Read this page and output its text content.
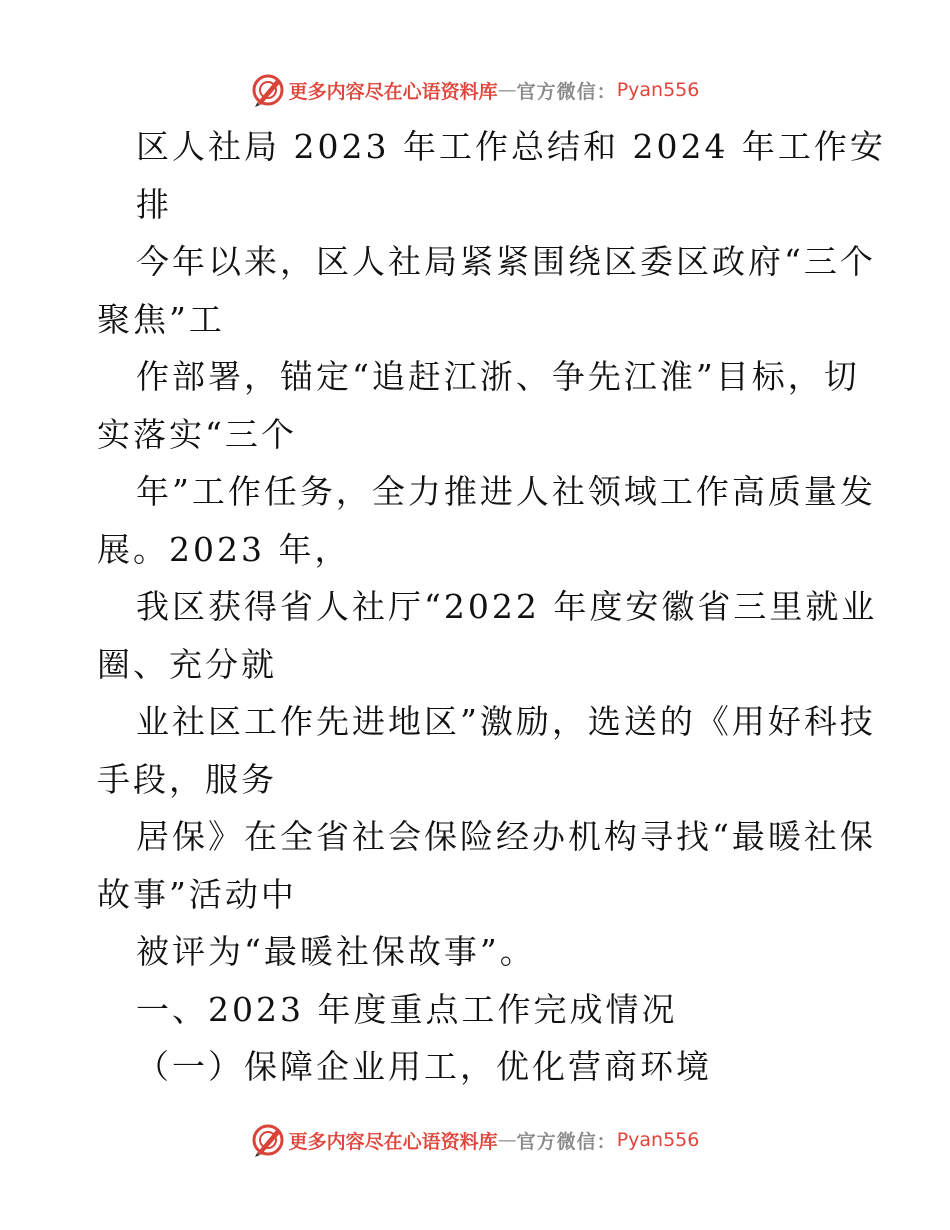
更多内容尽在心语资料库 — 官方微信： Pyan556
区人社局 2023 年工作总结和 2024 年工作安
排
今年以来，区人社局紧紧围绕区委区政府“三个
聚焦”工
作部署，锚定“追赶江浙、争先江淮”目标，切
实落实“三个
年”工作任务，全力推进人社领域工作高质量发
展。2023 年，
我区获得省人社厅“2022 年度安徽省三里就业
圈、充分就
业社区工作先进地区”激励，选送的《用好科技
手段，服务
居保》在全省社会保险经办机构寻找“最暖社保
故事”活动中
被评为“最暖社保故事”。
一、2023 年度重点工作完成情况
（一）保障企业用工，优化营商环境
更多内容尽在心语资料库 — 官方微信： Pyan556
